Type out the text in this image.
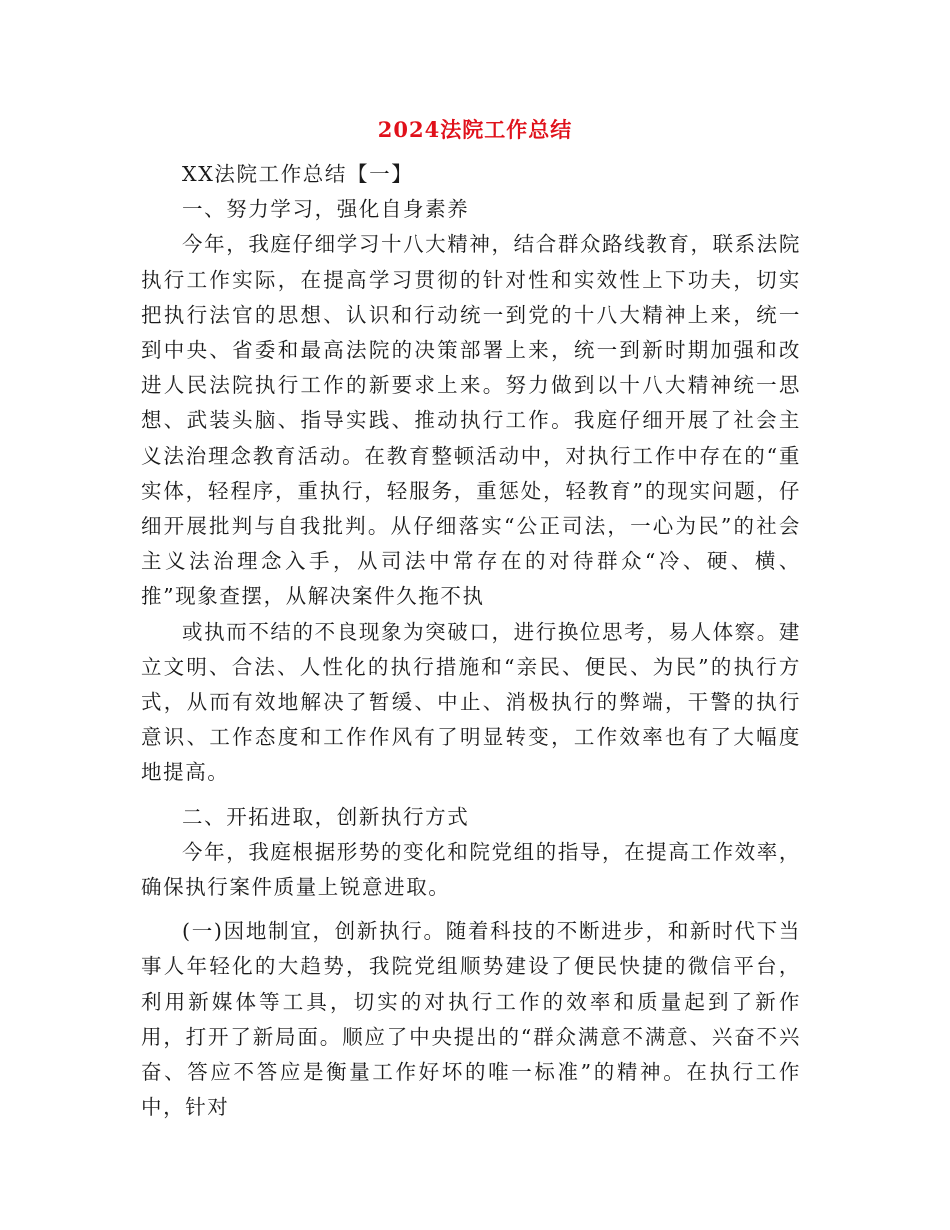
2024法院工作总结

XX法院工作总结【一】

一、努力学习，强化自身素养

今年，我庭仔细学习十八大精神，结合群众路线教育，联系法院执行工作实际，在提高学习贯彻的针对性和实效性上下功夫，切实把执行法官的思想、认识和行动统一到党的十八大精神上来，统一到中央、省委和最高法院的决策部署上来，统一到新时期加强和改进人民法院执行工作的新要求上来。努力做到以十八大精神统一思想、武装头脑、指导实践、推动执行工作。我庭仔细开展了社会主义法治理念教育活动。在教育整顿活动中，对执行工作中存在的“重实体，轻程序，重执行，轻服务，重惩处，轻教育”的现实问题，仔细开展批判与自我批判。从仔细落实“公正司法，一心为民”的社会主义法治理念入手，从司法中常存在的对待群众“冷、硬、横、推”现象查摆，从解决案件久拖不执

或执而不结的不良现象为突破口，进行换位思考，易人体察。建立文明、合法、人性化的执行措施和“亲民、便民、为民”的执行方式，从而有效地解决了暂缓、中止、消极执行的弊端，干警的执行意识、工作态度和工作作风有了明显转变，工作效率也有了大幅度地提高。

二、开拓进取，创新执行方式

今年，我庭根据形势的变化和院党组的指导，在提高工作效率，确保执行案件质量上锐意进取。

(一)因地制宜，创新执行。随着科技的不断进步，和新时代下当事人年轻化的大趋势，我院党组顺势建设了便民快捷的微信平台，利用新媒体等工具，切实的对执行工作的效率和质量起到了新作用，打开了新局面。顺应了中央提出的“群众满意不满意、兴奋不兴奋、答应不答应是衡量工作好坏的唯一标准”的精神。在执行工作中，针对
